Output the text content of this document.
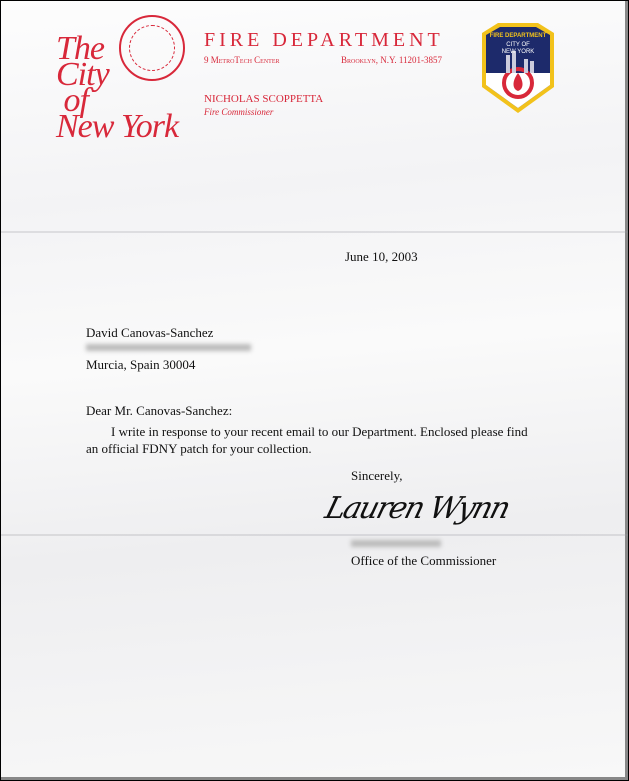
The
City
of
New York
FIRE DEPARTMENT
9 MetroTech Center	Brooklyn, N.Y. 11201-3857
NICHOLAS SCOPPETTA
Fire Commissioner
FIRE DEPARTMENT
CITY OF
NEW YORK
June 10, 2003
David Canovas-Sanchez
Murcia, Spain 30004
Dear Mr. Canovas-Sanchez:
I write in response to your recent email to our Department. Enclosed please find
an official FDNY patch for your collection.
Sincerely,
Lauren Wynn
Office of the Commissioner
